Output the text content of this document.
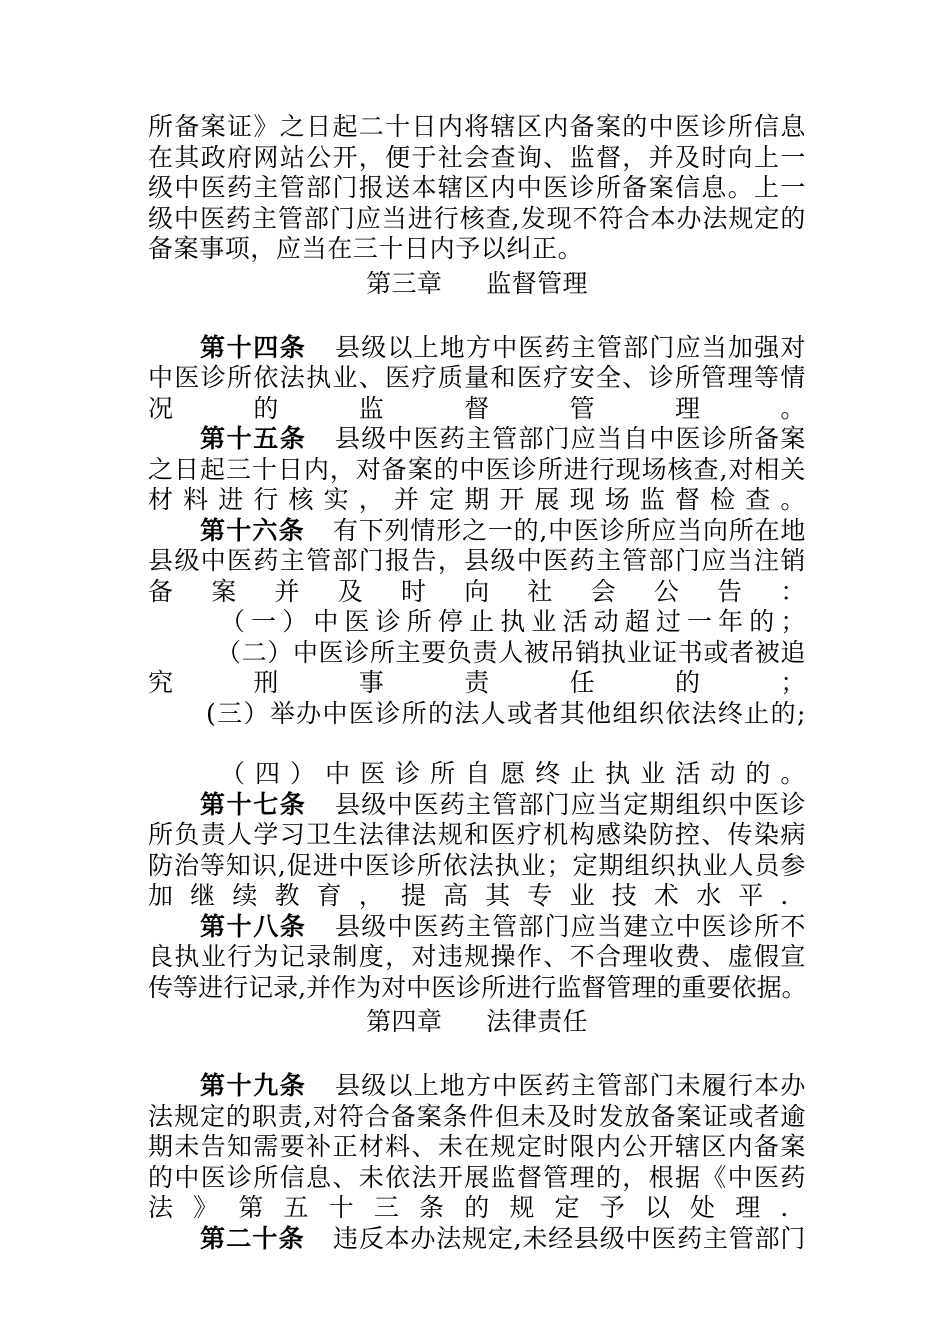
所备案证》之日起二十日内将辖区内备案的中医诊所信息
在其政府网站公开，便于社会查询、监督，并及时向上一
级中医药主管部门报送本辖区内中医诊所备案信息。上一
级中医药主管部门应当进行核查,发现不符合本办法规定的
备案事项，应当在三十日内予以纠正。
第三章 监督管理
第十四条 县级以上地方中医药主管部门应当加强对
中医诊所依法执业、医疗质量和医疗安全、诊所管理等情
况的监督管理。
第十五条 县级中医药主管部门应当自中医诊所备案
之日起三十日内，对备案的中医诊所进行现场核查,对相关
材料进行核实，并定期开展现场监督检查。
第十六条 有下列情形之一的,中医诊所应当向所在地
县级中医药主管部门报告，县级中医药主管部门应当注销
备案并及时向社会公告：
（一）中医诊所停止执业活动超过一年的；
（二）中医诊所主要负责人被吊销执业证书或者被追
究刑事责任的；
(三）举办中医诊所的法人或者其他组织依法终止的;
（四）中医诊所自愿终止执业活动的。
第十七条 县级中医药主管部门应当定期组织中医诊
所负责人学习卫生法律法规和医疗机构感染防控、传染病
防治等知识,促进中医诊所依法执业；定期组织执业人员参
加继续教育，提高其专业技术水平．
第十八条 县级中医药主管部门应当建立中医诊所不
良执业行为记录制度，对违规操作、不合理收费、虚假宣
传等进行记录,并作为对中医诊所进行监督管理的重要依据。
第四章 法律责任
第十九条 县级以上地方中医药主管部门未履行本办
法规定的职责,对符合备案条件但未及时发放备案证或者逾
期未告知需要补正材料、未在规定时限内公开辖区内备案
的中医诊所信息、未依法开展监督管理的，根据《中医药
法》第五十三条的规定予以处理．
第二十条 违反本办法规定,未经县级中医药主管部门
